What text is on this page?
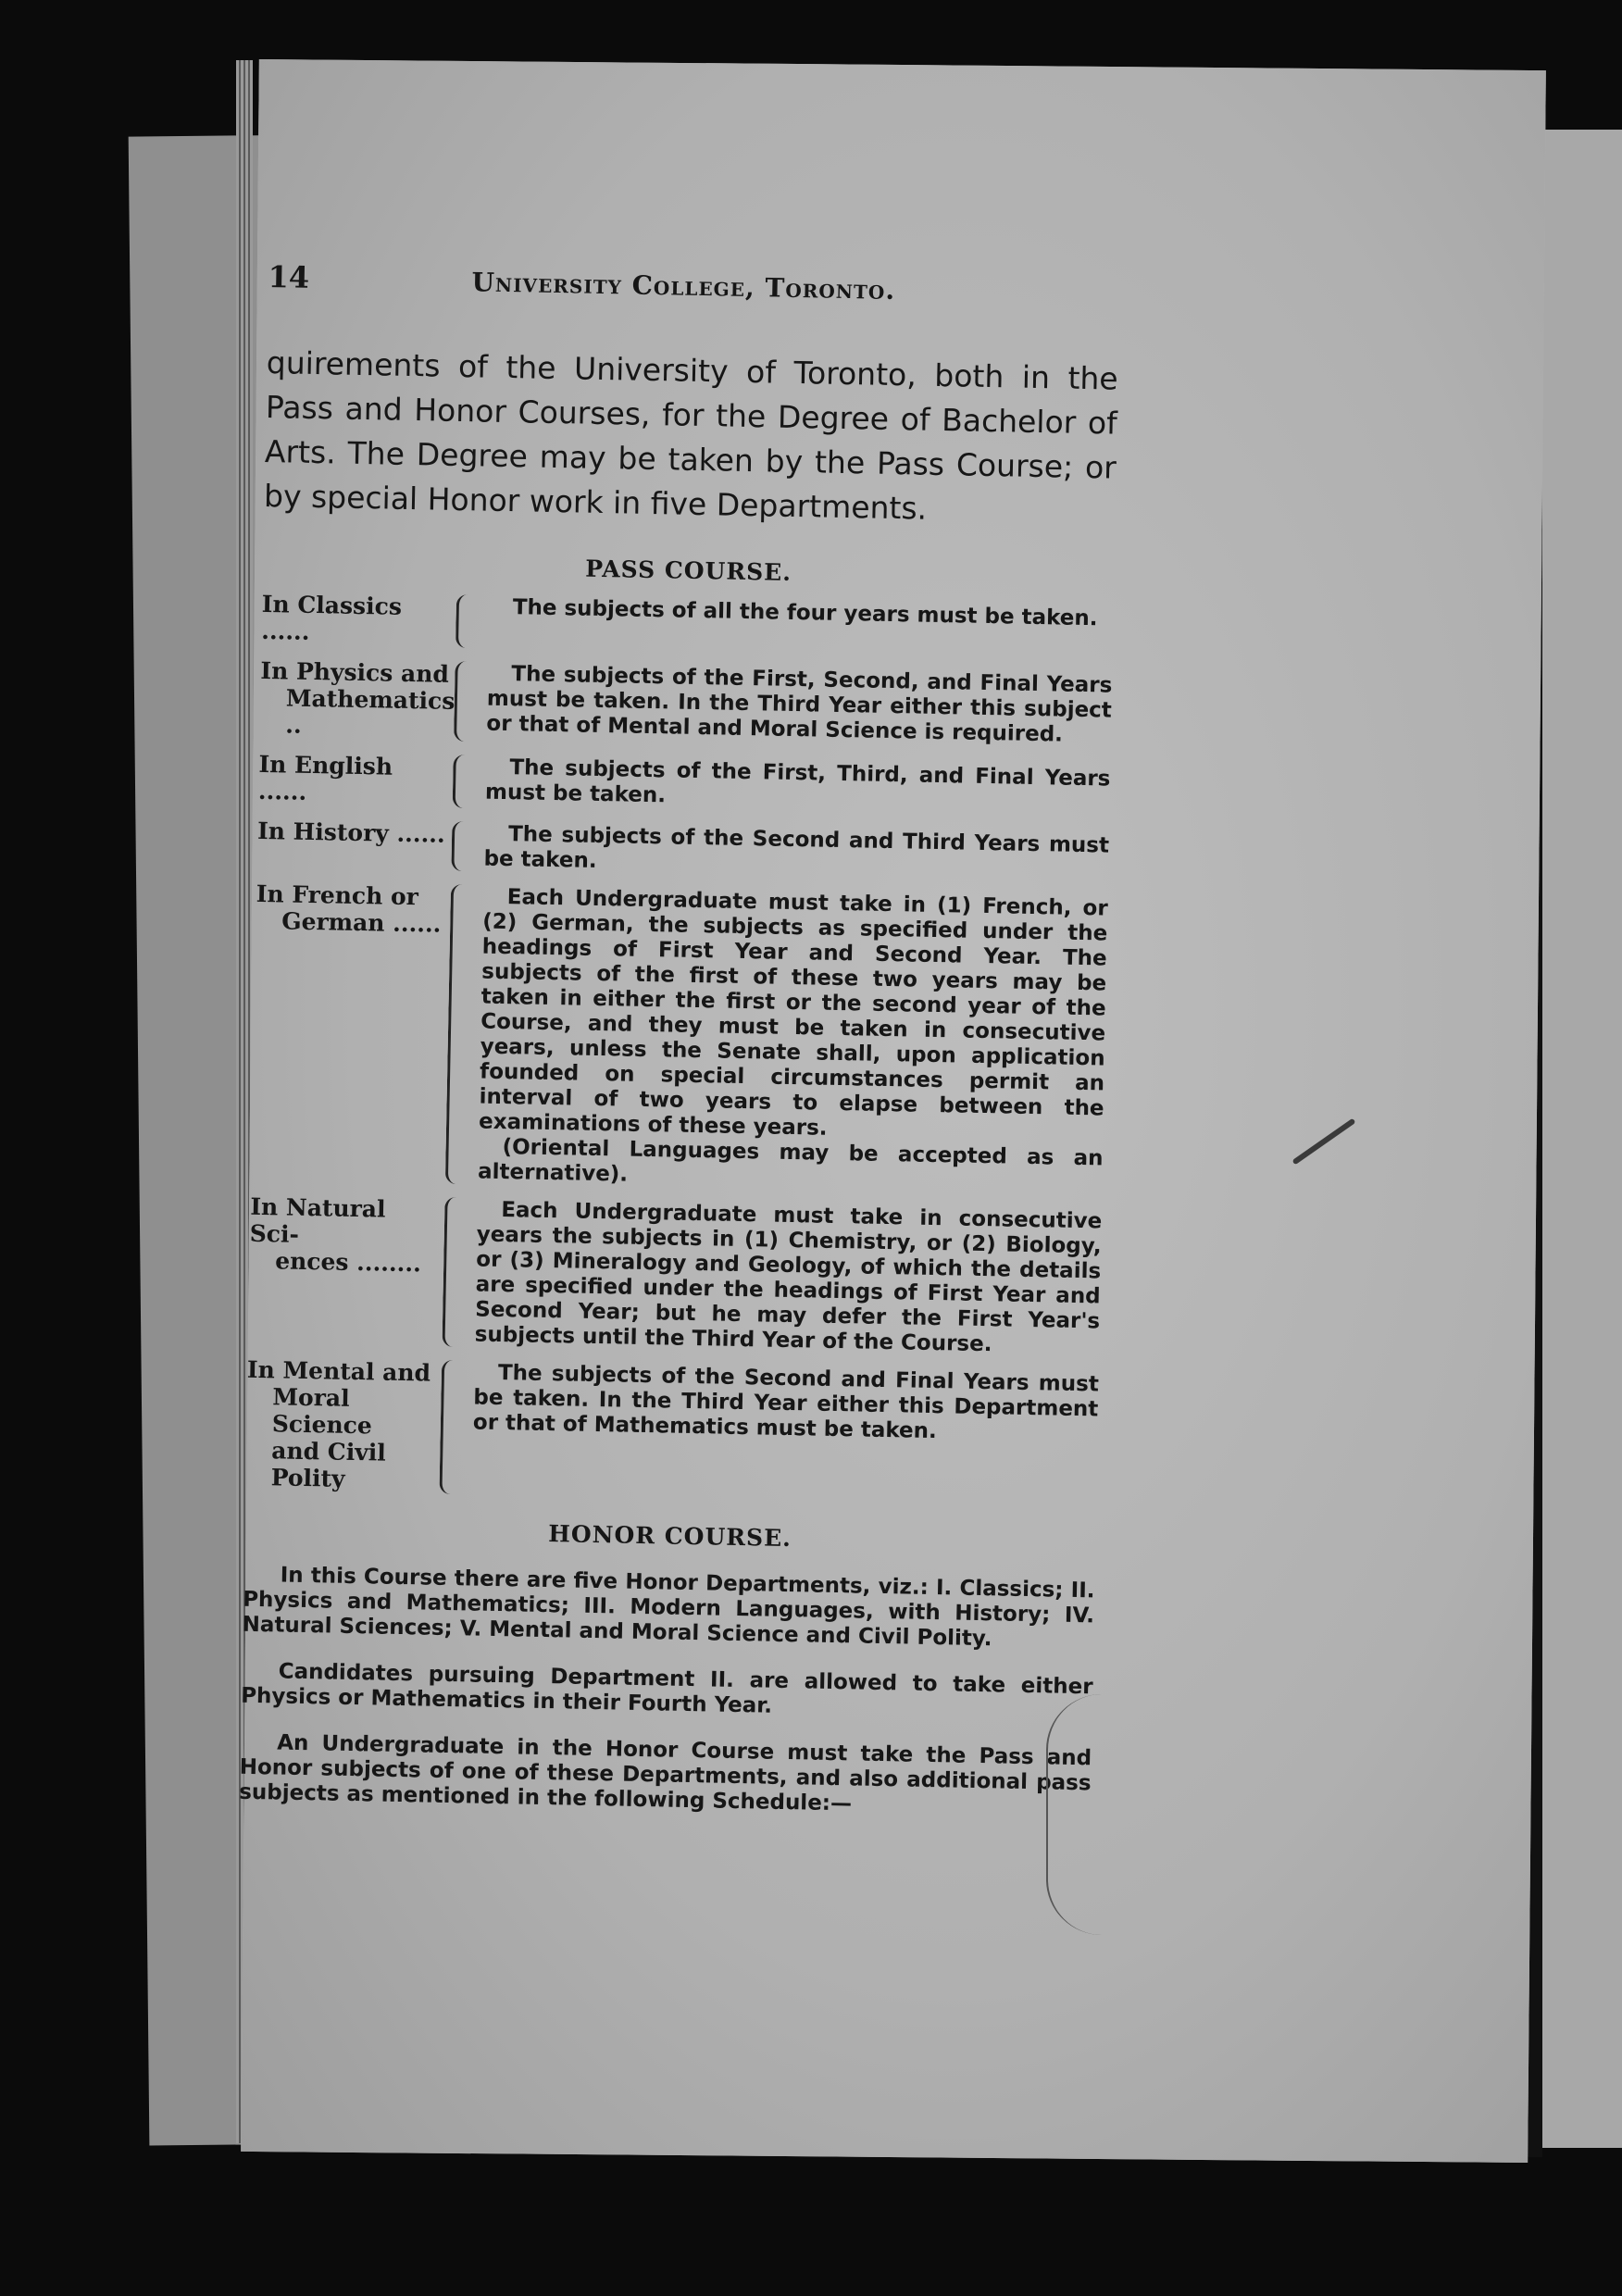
14	University College, Toronto.

quirements of the University of Toronto, both in the Pass and Honor Courses, for the Degree of Bachelor of Arts. The Degree may be taken by the Pass Course; or by special Honor work in five Departments.

PASS COURSE.
In Classics ......
The subjects of all the four years must be taken.
In Physics and
Mathematics ..
The subjects of the First, Second, and Final Years must be taken. In the Third Year either this subject or that of Mental and Moral Science is required.
In English ......
The subjects of the First, Third, and Final Years must be taken.
In History ......	The subjects of the Second and Third Years must be taken.
In French or
German ......
Each Undergraduate must take in (1) French, or (2) German, the subjects as specified under the headings of First Year and Second Year. The subjects of the first of these two years may be taken in either the first or the second year of the Course, and they must be taken in consecutive years, unless the Senate shall, upon application founded on special circumstances permit an interval of two years to elapse between the examinations of these years.
(Oriental Languages may be accepted as an alternative).
In Natural Sci-
ences ........
Each Undergraduate must take in consecutive years the subjects in (1) Chemistry, or (2) Biology, or (3) Mineralogy and Geology, of which the details are specified under the headings of First Year and Second Year; but he may defer the First Year's subjects until the Third Year of the Course.
In Mental and
Moral Science
and Civil Polity
The subjects of the Second and Final Years must be taken. In the Third Year either this Department or that of Mathematics must be taken.
HONOR COURSE.

In this Course there are five Honor Departments, viz.: I. Classics; II. Physics and Mathematics; III. Modern Languages, with History; IV. Natural Sciences; V. Mental and Moral Science and Civil Polity.

Candidates pursuing Department II. are allowed to take either Physics or Mathematics in their Fourth Year.

An Undergraduate in the Honor Course must take the Pass and Honor subjects of one of these Departments, and also additional pass subjects as mentioned in the following Schedule:—
